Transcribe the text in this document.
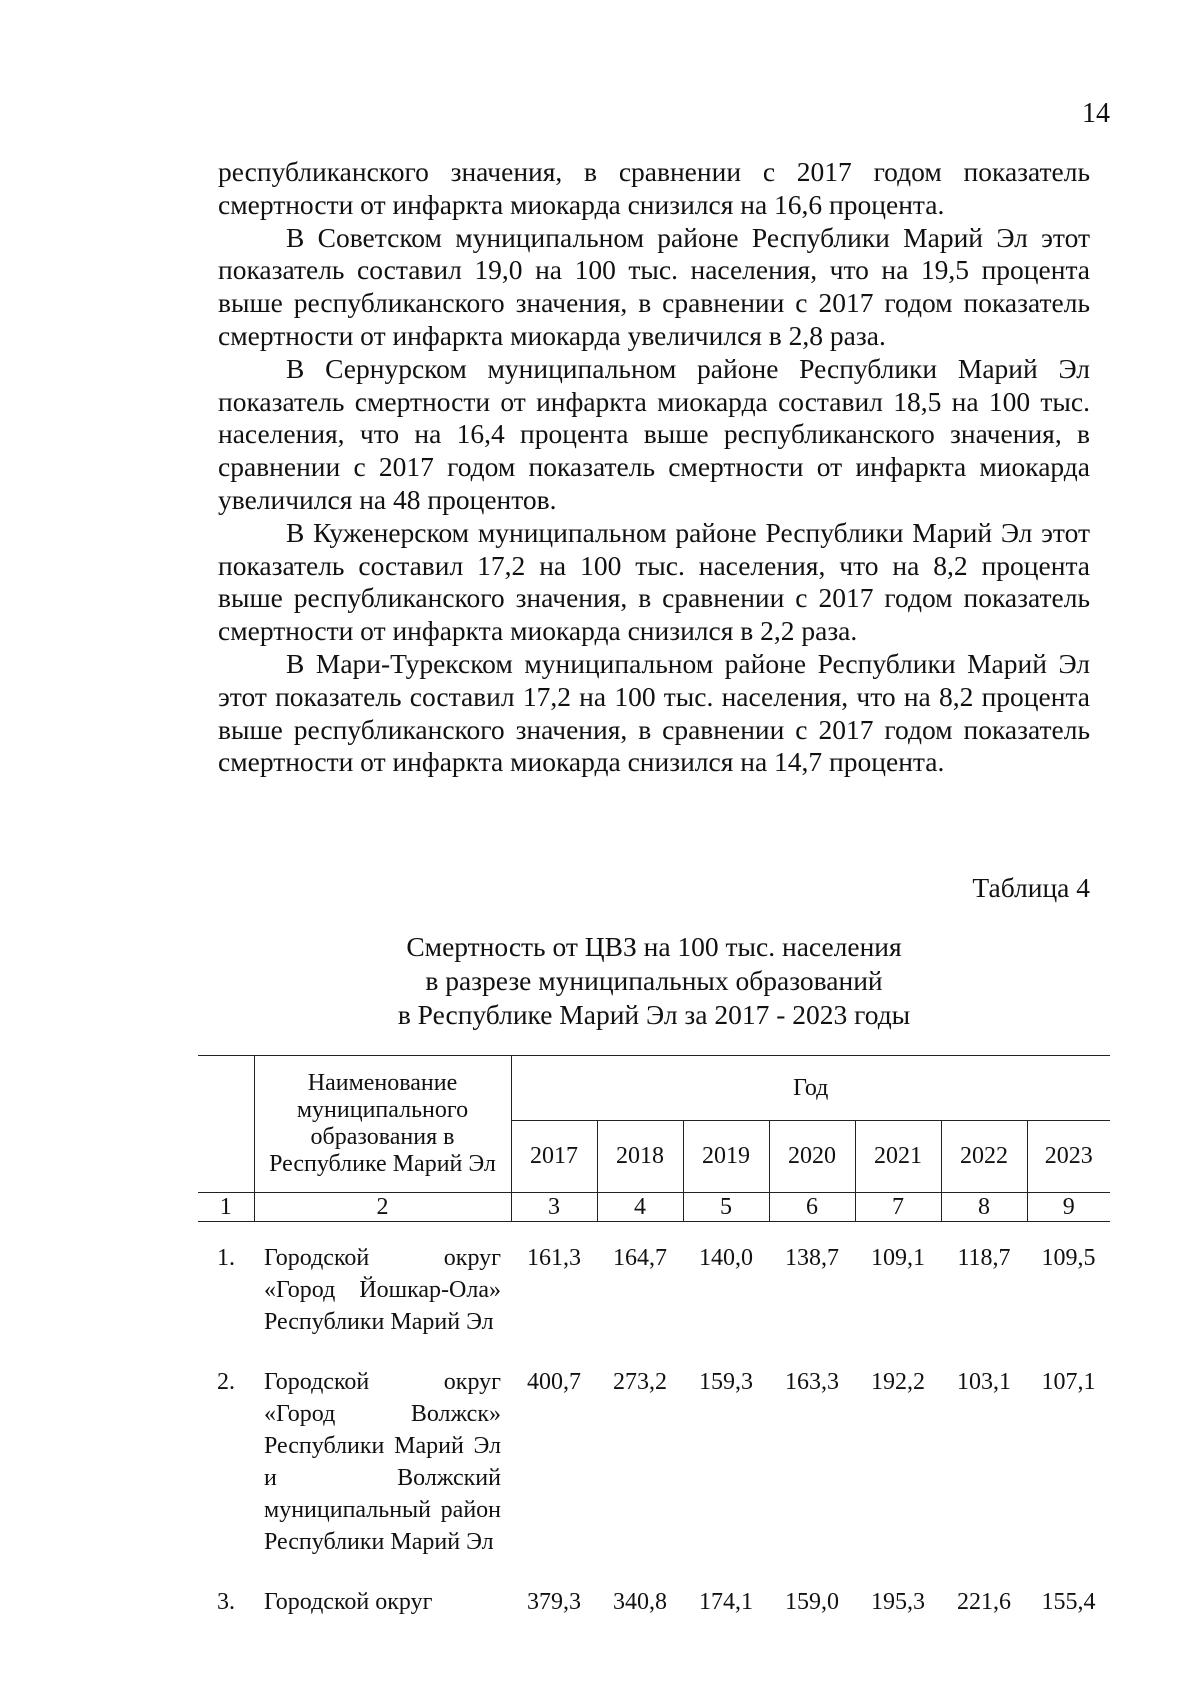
14

республиканского значения, в сравнении с 2017 годом показатель смертности от инфаркта миокарда снизился на 16,6 процента.

В Советском муниципальном районе Республики Марий Эл этот показатель составил 19,0 на 100 тыс. населения, что на 19,5 процента выше республиканского значения, в сравнении с 2017 годом показатель смертности от инфаркта миокарда увеличился в 2,8 раза.

В Сернурском муниципальном районе Республики Марий Эл показатель смертности от инфаркта миокарда составил 18,5 на 100 тыс. населения, что на 16,4 процента выше республиканского значения, в сравнении с 2017 годом показатель смертности от инфаркта миокарда увеличился на 48 процентов.

В Куженерском муниципальном районе Республики Марий Эл этот показатель составил 17,2 на 100 тыс. населения, что на 8,2 процента выше республиканского значения, в сравнении с 2017 годом показатель смертности от инфаркта миокарда снизился в 2,2 раза.

В Мари-Турекском муниципальном районе Республики Марий Эл этот показатель составил 17,2 на 100 тыс. населения, что на 8,2 процента выше республиканского значения, в сравнении с 2017 годом показатель смертности от инфаркта миокарда снизился на 14,7 процента.

Таблица 4
Смертность от ЦВЗ на 100 тыс. населения
в разрезе муниципальных образований
в Республике Марий Эл за 2017 - 2023 годы
	Наименование муниципального образования в Республике Марий Эл	Год						
		2017	2018	2019	2020	2021	2022	2023
1	2	3	4	5	6	7	8	9

1.	Городской округ «Город Йошкар-Ола» Республики Марий Эл	161,3	164,7	140,0	138,7	109,1	118,7	109,5
2.	Городской округ «Город Волжск» Республики Марий Эл и Волжский муниципальный район Республики Марий Эл	400,7	273,2	159,3	163,3	192,2	103,1	107,1
3.	Городской округ	379,3	340,8	174,1	159,0	195,3	221,6	155,4
